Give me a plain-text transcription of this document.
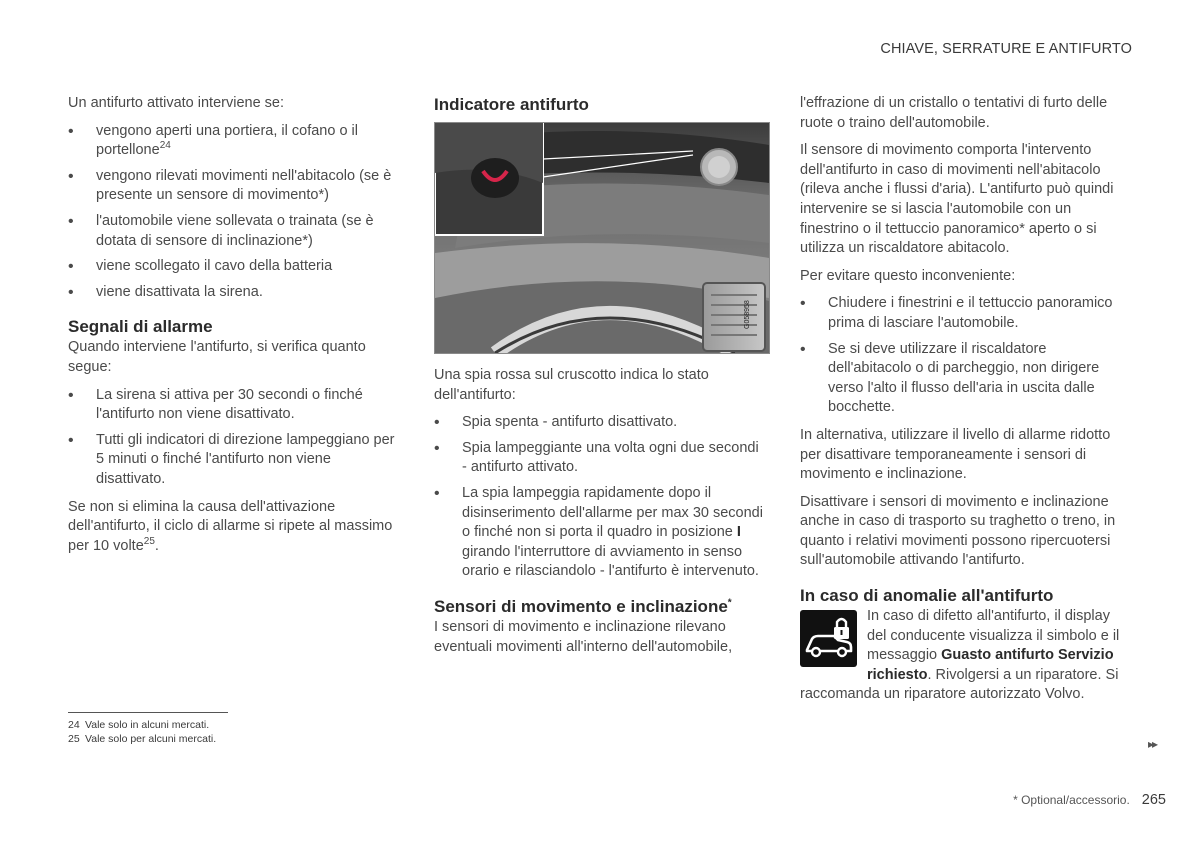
CHIAVE, SERRATURE E ANTIFURTO

Un antifurto attivato interviene se:

• vengono aperti una portiera, il cofano o il portellone$^{24}$
• vengono rilevati movimenti nell'abitacolo (se è presente un sensore di movimento*)
• l'automobile viene sollevata o trainata (se è dotata di sensore di inclinazione*)
• viene scollegato il cavo della batteria
• viene disattivata la sirena.
Segnali di allarme

Quando interviene l'antifurto, si verifica quanto segue:

• La sirena si attiva per 30 secondi o finché l'antifurto non viene disattivato.
• Tutti gli indicatori di direzione lampeggiano per 5 minuti o finché l'antifurto non viene disattivato.

Se non si elimina la causa dell'attivazione dell'antifurto, il ciclo di allarme si ripete al massimo per 10 volte$^{25}$.

Indicatore antifurto
G058958

Una spia rossa sul cruscotto indica lo stato dell'antifurto:

• Spia spenta - antifurto disattivato.
• Spia lampeggiante una volta ogni due secondi - antifurto attivato.
• La spia lampeggia rapidamente dopo il disinserimento dell'allarme per max 30 secondi o finché non si porta il quadro in posizione I girando l'interruttore di avviamento in senso orario e rilasciandolo - l'antifurto è intervenuto.
Sensori di movimento e inclinazione*

I sensori di movimento e inclinazione rilevano eventuali movimenti all'interno dell'automobile,

l'effrazione di un cristallo o tentativi di furto delle ruote o traino dell'automobile.

Il sensore di movimento comporta l'intervento dell'antifurto in caso di movimenti nell'abitacolo (rileva anche i flussi d'aria). L'antifurto può quindi intervenire se si lascia l'automobile con un finestrino o il tettuccio panoramico* aperto o si utilizza un riscaldatore abitacolo.

Per evitare questo inconveniente:

• Chiudere i finestrini e il tettuccio panoramico prima di lasciare l'automobile.
• Se si deve utilizzare il riscaldatore dell'abitacolo o di parcheggio, non dirigere verso l'alto il flusso dell'aria in uscita dalle bocchette.

In alternativa, utilizzare il livello di allarme ridotto per disattivare temporaneamente i sensori di movimento e inclinazione.

Disattivare i sensori di movimento e inclinazione anche in caso di trasporto su traghetto o treno, in quanto i relativi movimenti possono ripercuotersi sull'automobile attivando l'antifurto.

In caso di anomalie all'antifurto
In caso di difetto all'antifurto, il display del conducente visualizza il simbolo e il messaggio Guasto antifurto Servizio richiesto. Rivolgersi a un riparatore. Si raccomanda un riparatore autorizzato Volvo.
24 Vale solo in alcuni mercati.
25 Vale solo per alcuni mercati.	▸▸
* Optional/accessorio. 265
